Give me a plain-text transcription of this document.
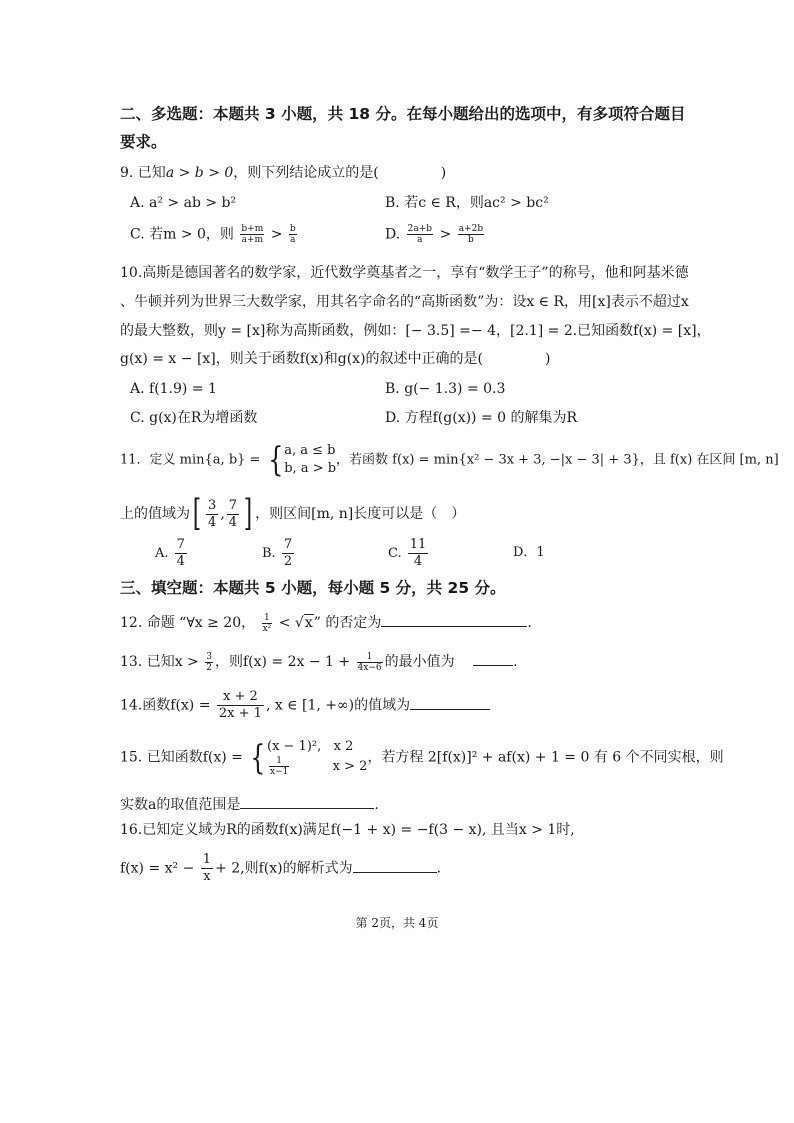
二、多选题：本题共 3 小题，共 18 分。在每小题给出的选项中，有多项符合题目
要求。
9. 已知a > b > 0，则下列结论成立的是(	)
A. a² > ab > b²	B. 若c ∈ R，则ac² > bc²
C. 若m > 0，则 $\frac{b+m}{a+m} > \frac{b}{a}$	D. $\frac{2a+b}{a} > \frac{a+2b}{b}$
10.高斯是德国著名的数学家，近代数学奠基者之一，享有“数学王子”的称号，他和阿基米德
、牛顿并列为世界三大数学家，用其名字命名的“高斯函数”为：设x ∈ R，用[x]表示不超过x
的最大整数，则y = [x]称为高斯函数，例如：[− 3.5] =− 4，[2.1] = 2.已知函数f(x) = [x]，
g(x) = x − [x]，则关于函数f(x)和g(x)的叙述中正确的是(	)
A. f(1.9) = 1	B. g(− 1.3) = 0.3
C. g(x)在R为增函数	D. 方程f(g(x)) = 0 的解集为R
11．定义 min{a, b} = { a, a ≤ b
b, a > b
，若函数 f(x) = min{x² − 3x + 3, −|x − 3| + 3}，且 f(x) 在区间 [m, n]
上的值域为[ $\frac{3}{4}$ , $\frac{7}{4}$ ] ，则区间[m, n]长度可以是（　）
A. $\frac{7}{4}$	B. $\frac{7}{2}$	C. $\frac{11}{4}$	D．1
三、填空题：本题共 5 小题，每小题 5 分，共 25 分。
12. 命题 “∀x ≥ 20， $\frac{1}{\text{x²}} < √x$” 的否定为	.
13. 已知$x > \frac{3}{2}$ ，则$f(x) = 2x - 1 + \frac{1}{4x-6}$ 的最小值为	.
14.函数$f(x) = \frac{x + 2}{2x + 1}$ , x ∈ [1, +∞)的值域为
15. 已知函数f(x) = { (x − 1)², x 2
$\frac{1}{x-1}$	x > 2
，若方程 2[f(x)]² + af(x) + 1 = 0 有 6 个不同实根，则
实数a的取值范围是	.
16.已知定义域为R的函数f(x)满足f(−1 + x) = −f(3 − x), 且当x > 1时,
$f(x) = x^2 - \frac{1}{x} + 2$,则f(x)的解析式为	.
第 2页，共 4页
